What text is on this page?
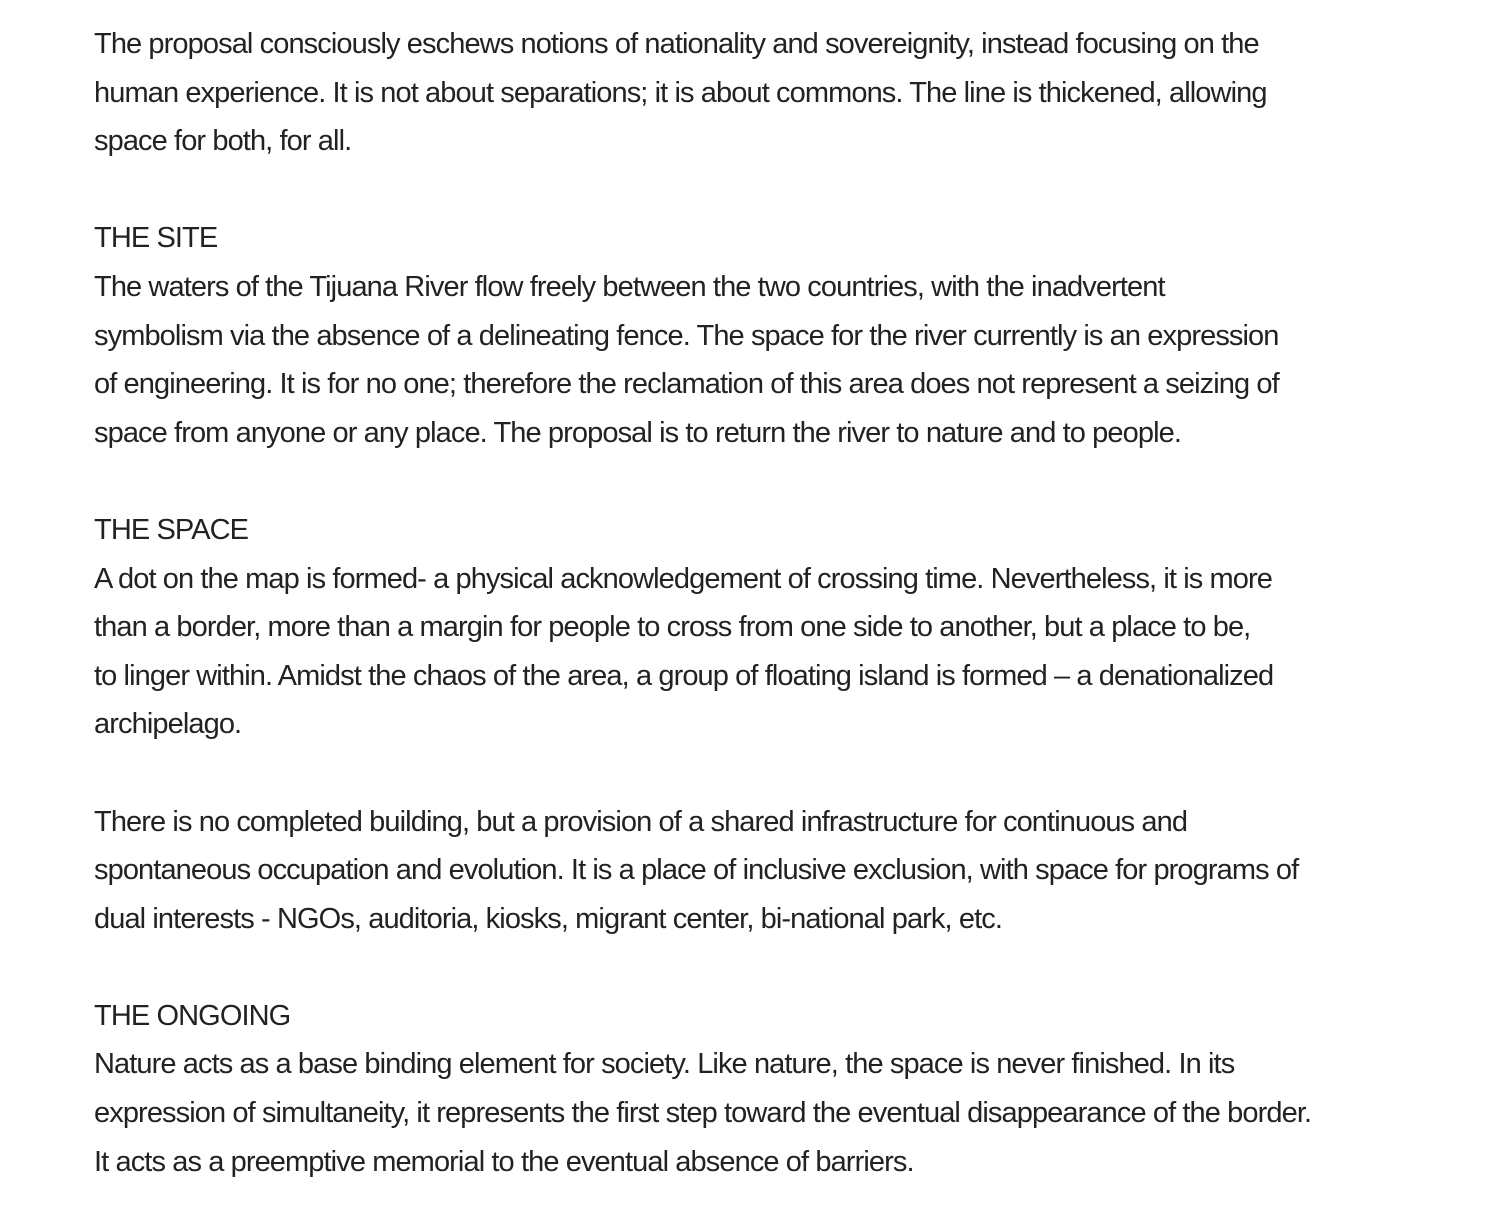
The proposal consciously eschews notions of nationality and sovereignity, instead focusing on the
human experience. It is not about separations; it is about commons. The line is thickened, allowing
space for both, for all.

THE SITE

The waters of the Tijuana River flow freely between the two countries, with the inadvertent
symbolism via the absence of a delineating fence. The space for the river currently is an expression
of engineering. It is for no one; therefore the reclamation of this area does not represent a seizing of
space from anyone or any place. The proposal is to return the river to nature and to people.

THE SPACE

A dot on the map is formed- a physical acknowledgement of crossing time. Nevertheless, it is more
than a border, more than a margin for people to cross from one side to another, but a place to be,
to linger within. Amidst the chaos of the area, a group of floating island is formed – a denationalized
archipelago.

There is no completed building, but a provision of a shared infrastructure for continuous and
spontaneous occupation and evolution. It is a place of inclusive exclusion, with space for programs of
dual interests - NGOs, auditoria, kiosks, migrant center, bi-national park, etc.

THE ONGOING

Nature acts as a base binding element for society. Like nature, the space is never finished. In its
expression of simultaneity, it represents the first step toward the eventual disappearance of the border.
It acts as a preemptive memorial to the eventual absence of barriers.
